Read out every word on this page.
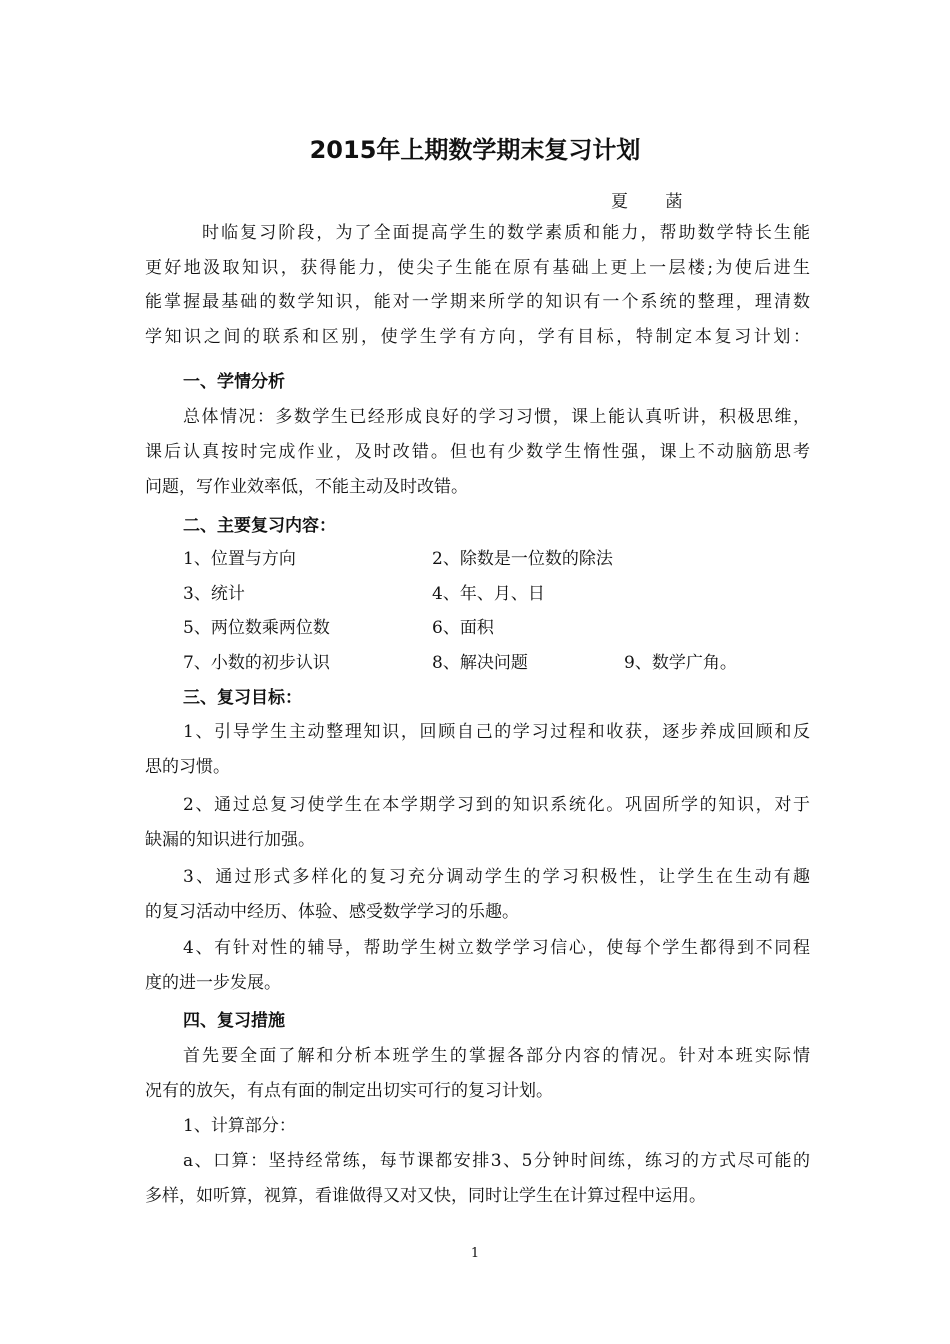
2015年上期数学期末复习计划
夏 菡
时临复习阶段，为了全面提高学生的数学素质和能力，帮助数学特长生能
更好地汲取知识，获得能力，使尖子生能在原有基础上更上一层楼;为使后进生
能掌握最基础的数学知识，能对一学期来所学的知识有一个系统的整理，理清数
学知识之间的联系和区别，使学生学有方向，学有目标，特制定本复习计划：
一、学情分析
总体情况：多数学生已经形成良好的学习习惯，课上能认真听讲，积极思维，
课后认真按时完成作业，及时改错。但也有少数学生惰性强，课上不动脑筋思考
问题，写作业效率低，不能主动及时改错。
二、主要复习内容：
1、位置与方向	2、除数是一位数的除法
3、统计	4、年、月、日
5、两位数乘两位数	6、面积
7、小数的初步认识	8、解决问题	9、数学广角。
三、复习目标：
1、引导学生主动整理知识，回顾自己的学习过程和收获，逐步养成回顾和反
思的习惯。
2、通过总复习使学生在本学期学习到的知识系统化。巩固所学的知识，对于
缺漏的知识进行加强。
3、通过形式多样化的复习充分调动学生的学习积极性，让学生在生动有趣
的复习活动中经历、体验、感受数学学习的乐趣。
4、有针对性的辅导，帮助学生树立数学学习信心，使每个学生都得到不同程
度的进一步发展。
四、复习措施
首先要全面了解和分析本班学生的掌握各部分内容的情况。针对本班实际情
况有的放矢，有点有面的制定出切实可行的复习计划。
1、计算部分：
a、口算：坚持经常练，每节课都安排3、5分钟时间练，练习的方式尽可能的
多样，如听算，视算，看谁做得又对又快，同时让学生在计算过程中运用。
1
